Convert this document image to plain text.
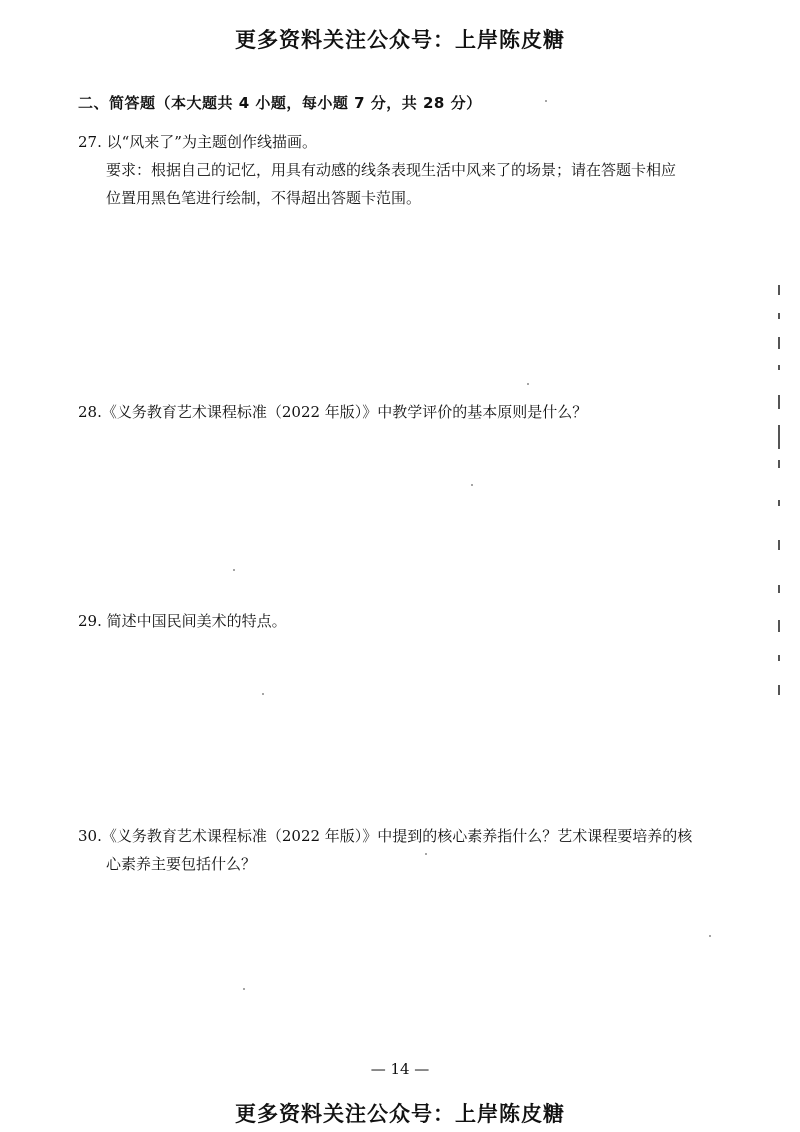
更多资料关注公众号：上岸陈皮糖
二、简答题（本大题共 4 小题，每小题 7 分，共 28 分）
27. 以“风来了”为主题创作线描画。
要求：根据自己的记忆，用具有动感的线条表现生活中风来了的场景；请在答题卡相应
位置用黑色笔进行绘制，不得超出答题卡范围。
28.《义务教育艺术课程标准（2022 年版）》中教学评价的基本原则是什么？
29. 简述中国民间美术的特点。
30.《义务教育艺术课程标准（2022 年版）》中提到的核心素养指什么？艺术课程要培养的核
心素养主要包括什么？
— 14 —
更多资料关注公众号：上岸陈皮糖
